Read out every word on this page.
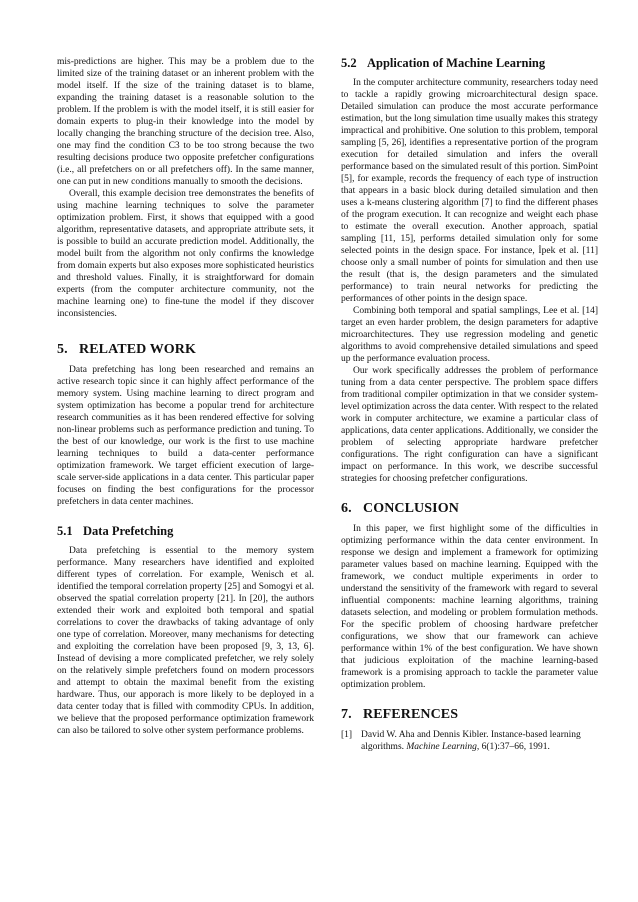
mis-predictions are higher. This may be a problem due to the limited size of the training dataset or an inherent problem with the model itself. If the size of the training dataset is to blame, expanding the training dataset is a reasonable solution to the problem. If the problem is with the model itself, it is still easier for domain experts to plug-in their knowledge into the model by locally changing the branching structure of the decision tree. Also, one may find the condition C3 to be too strong because the two resulting decisions produce two opposite prefetcher configurations (i.e., all prefetchers on or all prefetchers off). In the same manner, one can put in new conditions manually to smooth the decisions.

Overall, this example decision tree demonstrates the benefits of using machine learning techniques to solve the parameter optimization problem. First, it shows that equipped with a good algorithm, representative datasets, and appropriate attribute sets, it is possible to build an accurate prediction model. Additionally, the model built from the algorithm not only confirms the knowledge from domain experts but also exposes more sophisticated heuristics and threshold values. Finally, it is straightforward for domain experts (from the computer architecture community, not the machine learning one) to fine-tune the model if they discover inconsistencies.

5. RELATED WORK

Data prefetching has long been researched and remains an active research topic since it can highly affect performance of the memory system. Using machine learning to direct program and system optimization has become a popular trend for architecture research communities as it has been rendered effective for solving non-linear problems such as performance prediction and tuning. To the best of our knowledge, our work is the first to use machine learning techniques to build a data-center performance optimization framework. We target efficient execution of large-scale server-side applications in a data center. This particular paper focuses on finding the best configurations for the processor prefetchers in data center machines.

5.1 Data Prefetching

Data prefetching is essential to the memory system performance. Many researchers have identified and exploited different types of correlation. For example, Wenisch et al. identified the temporal correlation property [25] and Somogyi et al. observed the spatial correlation property [21]. In [20], the authors extended their work and exploited both temporal and spatial correlations to cover the drawbacks of taking advantage of only one type of correlation. Moreover, many mechanisms for detecting and exploiting the correlation have been proposed [9, 3, 13, 6]. Instead of devising a more complicated prefetcher, we rely solely on the relatively simple prefetchers found on modern processors and attempt to obtain the maximal benefit from the existing hardware. Thus, our apporach is more likely to be deployed in a data center today that is filled with commodity CPUs. In addition, we believe that the proposed performance optimization framework can also be tailored to solve other system performance problems.

5.2 Application of Machine Learning

In the computer architecture community, researchers today need to tackle a rapidly growing microarchitectural design space. Detailed simulation can produce the most accurate performance estimation, but the long simulation time usually makes this strategy impractical and prohibitive. One solution to this problem, temporal sampling [5, 26], identifies a representative portion of the program execution for detailed simulation and infers the overall performance based on the simulated result of this portion. SimPoint [5], for example, records the frequency of each type of instruction that appears in a basic block during detailed simulation and then uses a k-means clustering algorithm [7] to find the different phases of the program execution. It can recognize and weight each phase to estimate the overall execution. Another approach, spatial sampling [11, 15], performs detailed simulation only for some selected points in the design space. For instance, İpek et al. [11] choose only a small number of points for simulation and then use the result (that is, the design parameters and the simulated performance) to train neural networks for predicting the performances of other points in the design space.

Combining both temporal and spatial samplings, Lee et al. [14] target an even harder problem, the design parameters for adaptive microarchitectures. They use regression modeling and genetic algorithms to avoid comprehensive detailed simulations and speed up the performance evaluation process.

Our work specifically addresses the problem of performance tuning from a data center perspective. The problem space differs from traditional compiler optimization in that we consider system-level optimization across the data center. With respect to the related work in computer architecture, we examine a particular class of applications, data center applications. Additionally, we consider the problem of selecting appropriate hardware prefetcher configurations. The right configuration can have a significant impact on performance. In this work, we describe successful strategies for choosing prefetcher configurations.

6. CONCLUSION

In this paper, we first highlight some of the difficulties in optimizing performance within the data center environment. In response we design and implement a framework for optimizing parameter values based on machine learning. Equipped with the framework, we conduct multiple experiments in order to understand the sensitivity of the framework with regard to several influential components: machine learning algorithms, training datasets selection, and modeling or problem formulation methods. For the specific problem of choosing hardware prefetcher configurations, we show that our framework can achieve performance within 1% of the best configuration. We have shown that judicious exploitation of the machine learning-based framework is a promising approach to tackle the parameter value optimization problem.

7. REFERENCES
[1] David W. Aha and Dennis Kibler. Instance-based learning algorithms. Machine Learning, 6(1):37–66, 1991.
